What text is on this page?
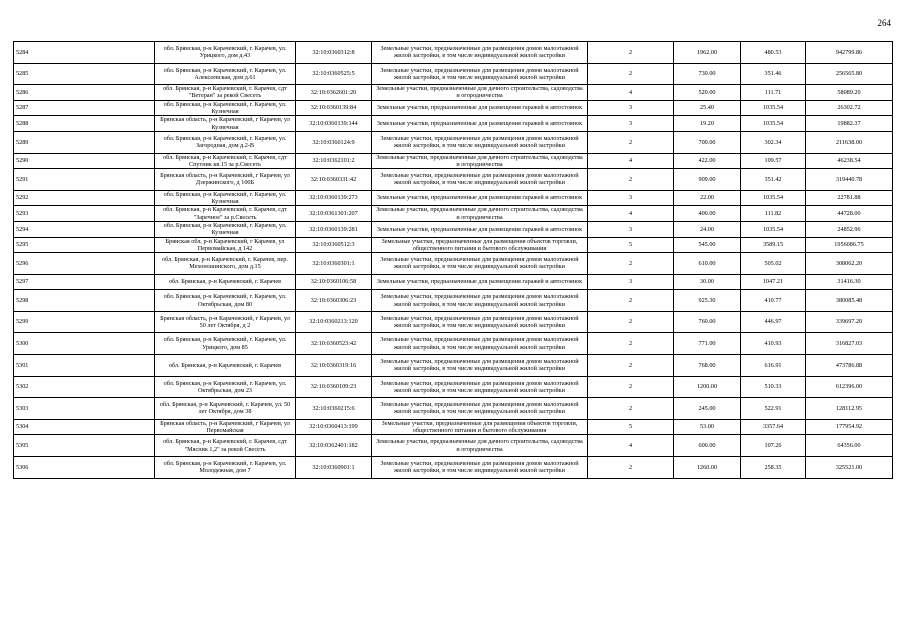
264
5284	обл. Брянская, р-н Карачевский, г. Карачев, ул. Урицкого, дом д.43	32:10:0360312:8	Земельные участки, предназначенные для размещения домов малоэтажной жилой застройки, в том числе индивидуальной жилой застройки	2	1962.00	480.53	942799.86
5285	обл. Брянская, р-н Карачевский, г. Карачев, ул. Алексеевская, дом д.61	32:10:0360525:5	Земельные участки, предназначенные для размещения домов малоэтажной жилой застройки, в том числе индивидуальной жилой застройки	2	730.00	351.46	256565.80
5286	обл. Брянская, р-н Карачевский, г. Карачев, сдт "Ветеран" за рекой Свесеть	32:10:0362601:20	Земельные участки, предназначенные для дачного строительства, садоводства и огородничества	4	520.00	111.71	58089.20
5287	обл. Брянская, р-н Карачевский, г. Карачев, ул. Кузнечная	32:10:0360139:84	Земельные участки, предназначенные для размещения гаражей и автостоянок	3	25.40	1035.54	26302.72
5288	Брянская область, р-н Карачевский, г Карачев, ул Кузнечная	32:10:0360139:144	Земельные участки, предназначенные для размещения гаражей и автостоянок	3	19.20	1035.54	19882.37
5289	обл. Брянская, р-н Карачевский, г. Карачев, ул. Загородная, дом д.2-В	32:10:0360124:9	Земельные участки, предназначенные для размещения домов малоэтажной жилой застройки, в том числе индивидуальной жилой застройки	2	700.00	302.34	211638.00
5290	обл. Брянская, р-н Карачевский, г. Карачев, сдт Спутник кв.15 за р.Свесеть	32:10:0362101:2	Земельные участки, предназначенные для дачного строительства, садоводства и огородничества	4	422.00	109.57	46238.54
5291	Брянская область, р-н Карачевский, г Карачев, ул Дзержинского, д 100Б	32:10:0360331:42	Земельные участки, предназначенные для размещения домов малоэтажной жилой застройки, в том числе индивидуальной жилой застройки	2	909.00	351.42	319440.78
5292	обл. Брянская, р-н Карачевский, г. Карачев, ул. Кузнечная	32:10:0360139:273	Земельные участки, предназначенные для размещения гаражей и автостоянок	3	22.00	1035.54	22781.88
5293	обл. Брянская, р-н Карачевский, г. Карачев, сдт "Заречное" за р.Свесеть	32:10:0361301:207	Земельные участки, предназначенные для дачного строительства, садоводства и огородничества	4	400.00	111.82	44728.00
5294	обл. Брянская, р-н Карачевский, г. Карачев, ул. Кузнечная	32:10:0360139:281	Земельные участки, предназначенные для размещения гаражей и автостоянок	3	24.00	1035.54	24852.96
5295	Брянская обл, р-н Карачевский, г Карачев, ул Первомайская, д 142	32:10:0360512:3	Земельные участки, предназначенные для размещения объектов торговли, общественного питания и бытового обслуживания	5	545.00	3589.15	1956086.75
5296	обл. Брянская, р-н Карачевский, г. Карачев, пер. Мехоношинского, дом д.15	32:10:0360301:1	Земельные участки, предназначенные для размещения домов малоэтажной жилой застройки, в том числе индивидуальной жилой застройки	2	610.00	505.02	308062.20
5297	обл. Брянская, р-н Карачевский, г. Карачев	32:10:0360106:58	Земельные участки, предназначенные для размещения гаражей и автостоянок	3	30.00	1047.21	31416.30
5298	обл. Брянская, р-н Карачевский, г. Карачев, ул. Октябрьская, дом 80	32:10:0360306:23	Земельные участки, предназначенные для размещения домов малоэтажной жилой застройки, в том числе индивидуальной жилой застройки	2	925.30	410.77	380085.48
5299	Брянская область, р-н Карачевский, г Карачев, ул 50 лет Октября, д 2	32:10:0360213:120	Земельные участки, предназначенные для размещения домов малоэтажной жилой застройки, в том числе индивидуальной жилой застройки	2	760.00	446.97	339697.20
5300	обл. Брянская, р-н Карачевский, г. Карачев, ул. Урицкого, дом 85	32:10:0360523:42	Земельные участки, предназначенные для размещения домов малоэтажной жилой застройки, в том числе индивидуальной жилой застройки	2	771.00	410.93	316827.03
5301	обл. Брянская, р-н Карачевский, г. Карачев	32:10:0360319:16	Земельные участки, предназначенные для размещения домов малоэтажной жилой застройки, в том числе индивидуальной жилой застройки	2	768.00	616.91	473786.88
5302	обл. Брянская, р-н Карачевский, г. Карачев, ул. Октябрьская, дом 23	32:10:0360109:23	Земельные участки, предназначенные для размещения домов малоэтажной жилой застройки, в том числе индивидуальной жилой застройки	2	1200.00	510.33	612396.00
5303	обл. Брянская, р-н Карачевский, г. Карачев, ул. 50 лет Октября, дом 38	32:10:0360215:6	Земельные участки, предназначенные для размещения домов малоэтажной жилой застройки, в том числе индивидуальной жилой застройки	2	245.00	522.91	128112.95
5304	Брянская область, р-н Карачевский, г Карачев, ул Первомайская	32:10:0360413:199	Земельные участки, предназначенные для размещения объектов торговли, общественного питания и бытового обслуживания	5	53.00	3357.64	177954.92
5305	обл. Брянская, р-н Карачевский, г. Карачев, сдт "Мясник 1,2" за рекой Свесеть	32:10:0362401:182	Земельные участки, предназначенные для дачного строительства, садоводства и огородничества	4	600.00	107.26	64356.00
5306	обл. Брянская, р-н Карачевский, г. Карачев, ул. Молодежная, дом 7	32:10:0360901:1	Земельные участки, предназначенные для размещения домов малоэтажной жилой застройки, в том числе индивидуальной жилой застройки	2	1260.00	258.35	325521.00
